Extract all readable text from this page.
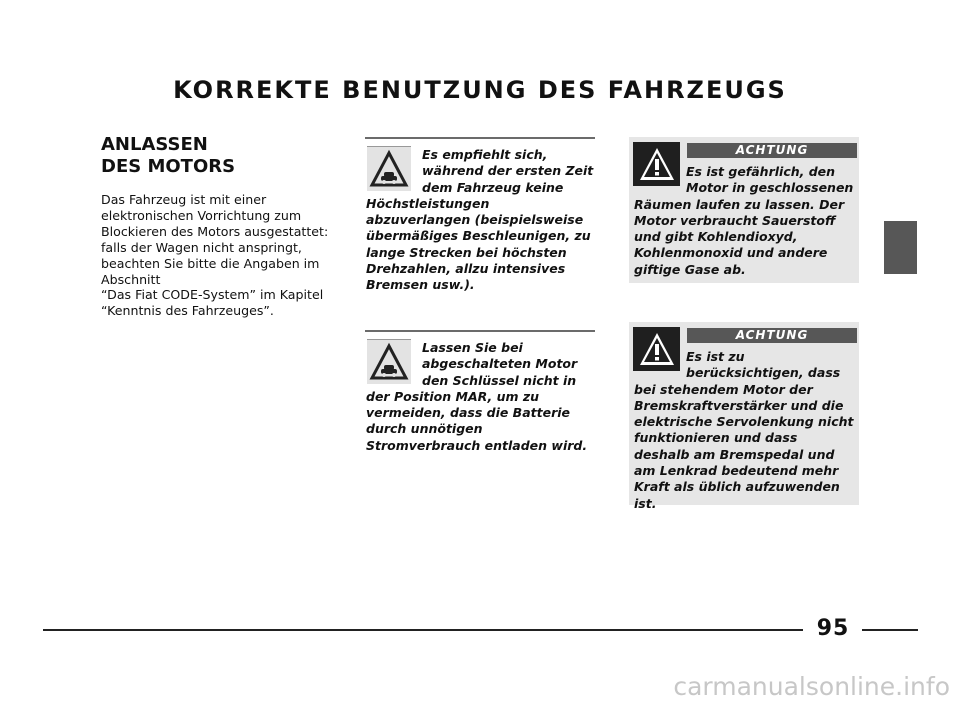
KORREKTE BENUTZUNG DES FAHRZEUGS
ANLASSEN
DES MOTORS
Das Fahrzeug ist mit einer elektronischen Vorrichtung zum Blockieren des Motors ausgestattet: falls der Wagen nicht anspringt, beachten Sie bitte die Angaben im Abschnitt
“Das Fiat CODE-System” im Kapitel “Kenntnis des Fahrzeuges”.
Es empfiehlt sich, während der ersten Zeit dem Fahrzeug keine Höchstleistungen abzuverlangen (beispielsweise übermäßiges Beschleunigen, zu lange Strecken bei höchsten Drehzahlen, allzu intensives Bremsen usw.).
Lassen Sie bei abgeschalteten Motor den Schlüssel nicht in der Position MAR, um zu vermeiden, dass die Batterie durch unnötigen Stromverbrauch entladen wird.
ACHTUNG
Es ist gefährlich, den Motor in geschlossenen Räumen laufen zu lassen. Der Motor verbraucht Sauerstoff und gibt Kohlendioxyd, Kohlenmonoxid und andere giftige Gase ab.
ACHTUNG
Es ist zu berücksichtigen, dass bei stehendem Motor der Bremskraftverstärker und die elektrische Servolenkung nicht funktionieren und dass deshalb am Bremspedal und am Lenkrad bedeutend mehr Kraft als üblich aufzuwenden ist.
95
carmanualsonline.info
